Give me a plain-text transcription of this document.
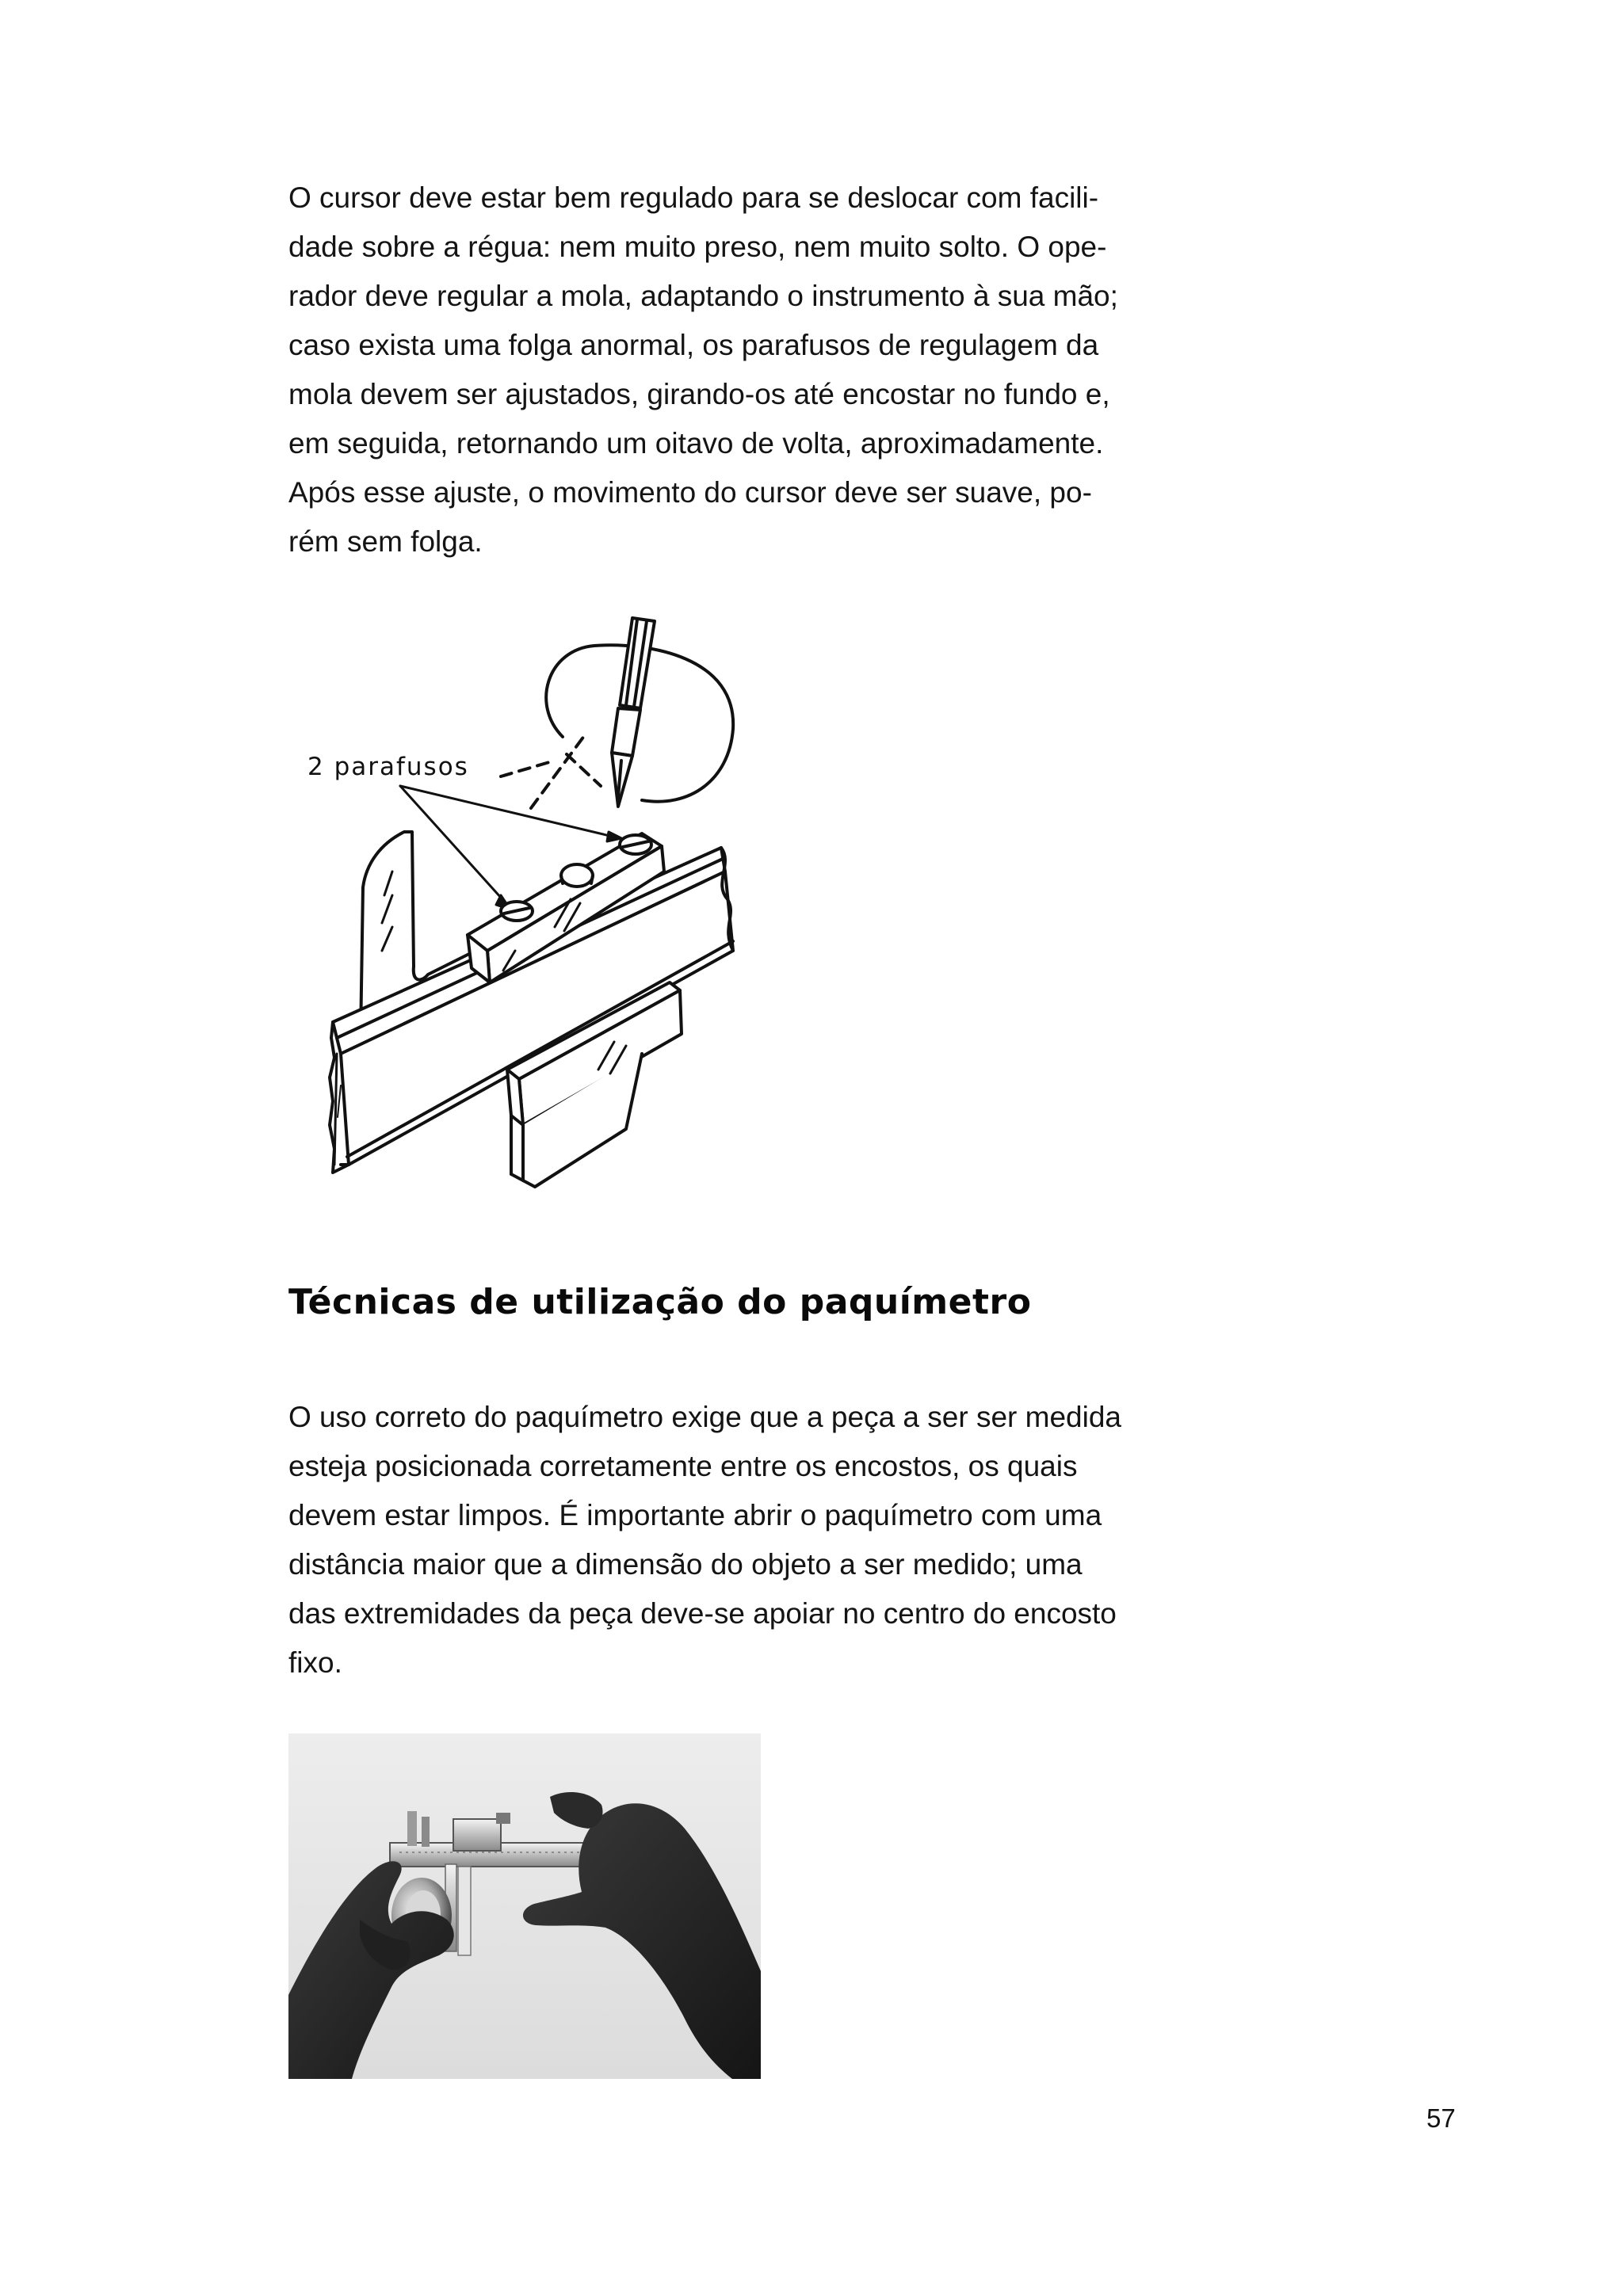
O cursor deve estar bem regulado para se deslocar com facili-
dade sobre a régua: nem muito preso, nem muito solto. O ope-
rador deve regular a mola, adaptando o instrumento à sua mão;
caso exista uma folga anormal, os parafusos de regulagem da
mola devem ser ajustados, girando-os até encostar no fundo e,
em seguida, retornando um oitavo de volta, aproximadamente.
Após esse ajuste, o movimento do cursor deve ser suave, po-
rém sem folga.

2 parafusos
Técnicas de utilização do paquímetro

O uso correto do paquímetro exige que a peça a ser ser medida
esteja posicionada corretamente entre os encostos, os quais
devem estar limpos. É importante abrir o paquímetro com uma
distância maior que a dimensão do objeto a ser medido; uma
das extremidades da peça deve-se apoiar no centro do encosto
fixo.

57
